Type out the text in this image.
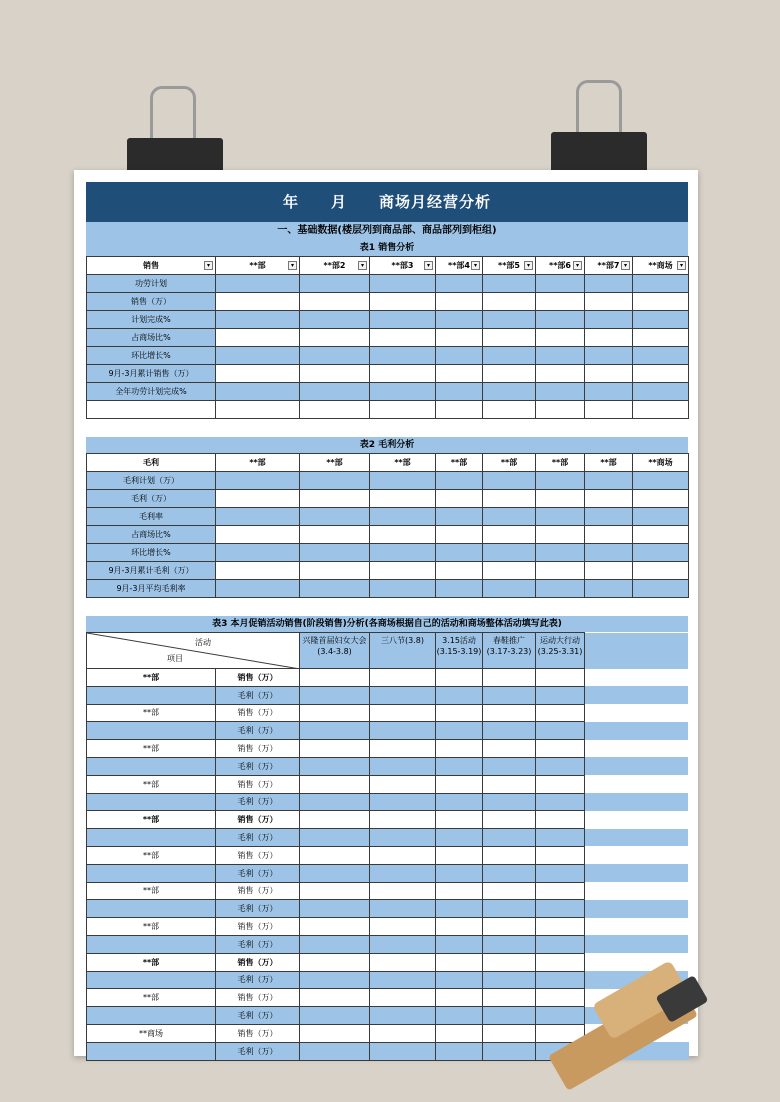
年　　月　　商场月经营分析
一、基础数据(楼层列到商品部、商品部列到柜组)
表1 销售分析
销售 ▾	**部 ▾	**部2 ▾	**部3 ▾	**部4 ▾	**部5 ▾	**部6 ▾	**部7 ▾	**商场 ▾

功劳计划								
销售（万）								
计划完成%								
占商场比%								
环比增长%								
9月-3月累计销售（万）								
全年功劳计划完成%								

表2 毛利分析
毛利	**部	**部	**部	**部	**部	**部	**部	**商场
毛利计划（万）								
毛利（万）								
毛利率								
占商场比%								
环比增长%								
9月-3月累计毛利（万）								
9月-3月平均毛利率								
表3 本月促销活动销售(阶段销售)分析(各商场根据自己的活动和商场整体活动填写此表)
活动
项目		兴隆首届妇女大会(3.4-3.8)	三八节(3.8)	3.15活动(3.15-3.19)	春鞋推广(3.17-3.23)	运动大行动(3.25-3.31)	
**部	销售（万）						
	毛利（万）						
**部	销售（万）						
	毛利（万）						
**部	销售（万）						
	毛利（万）						
**部	销售（万）						
	毛利（万）						
**部	销售（万）						
	毛利（万）						
**部	销售（万）						
	毛利（万）						
**部	销售（万）						
	毛利（万）						
**部	销售（万）						
	毛利（万）						
**部	销售（万）						
	毛利（万）						
**部	销售（万）						
	毛利（万）						
**商场	销售（万）						
	毛利（万）						
